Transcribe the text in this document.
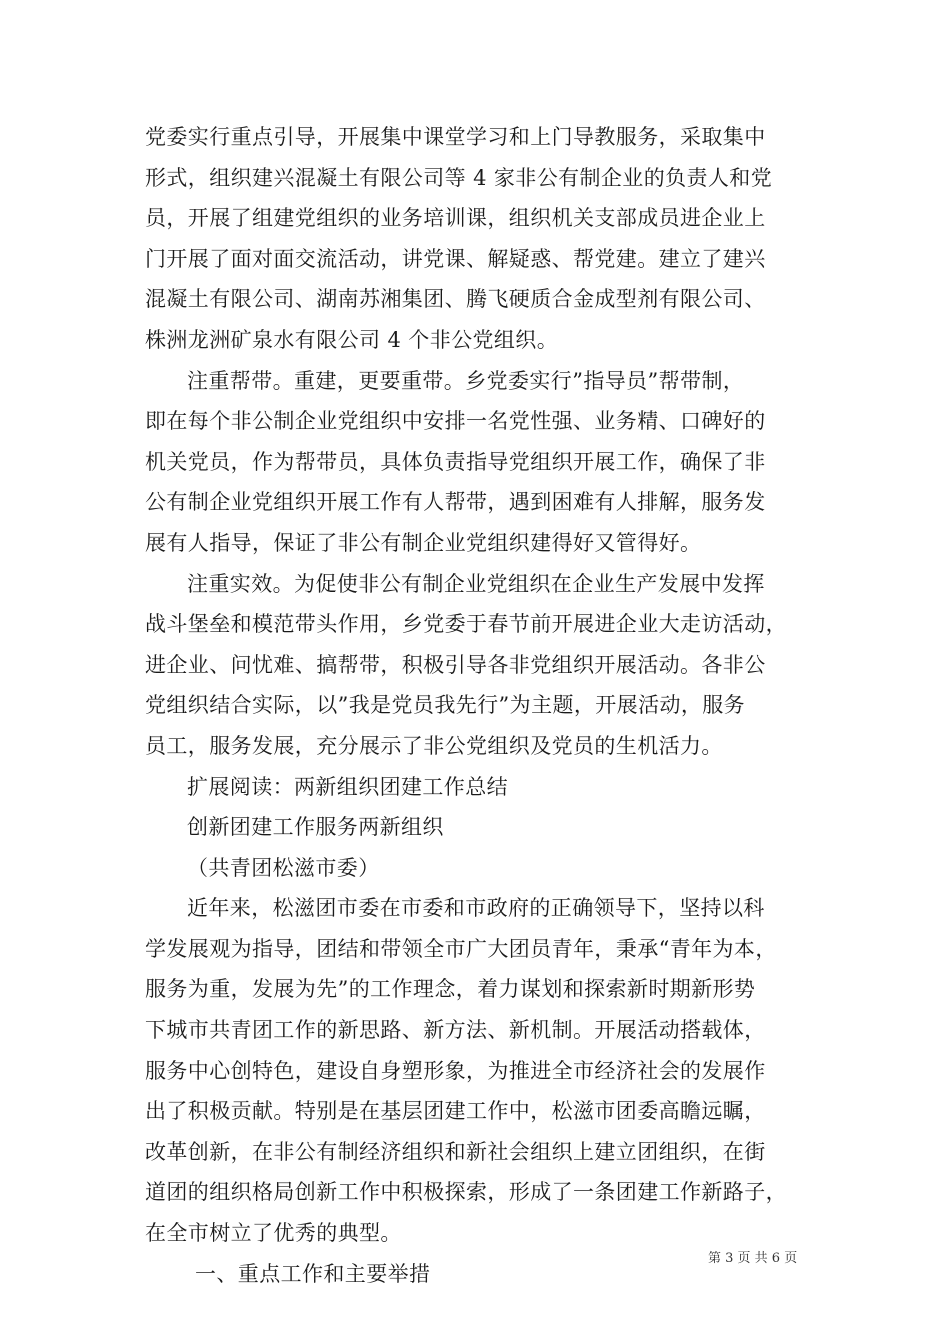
党委实行重点引导，开展集中课堂学习和上门导教服务，采取集中
形式，组织建兴混凝土有限公司等 4 家非公有制企业的负责人和党
员，开展了组建党组织的业务培训课，组织机关支部成员进企业上
门开展了面对面交流活动，讲党课、解疑惑、帮党建。建立了建兴
混凝土有限公司、湖南苏湘集团、腾飞硬质合金成型剂有限公司、
株洲龙洲矿泉水有限公司 4 个非公党组织。
注重帮带。重建，更要重带。乡党委实行”指导员”帮带制，
即在每个非公制企业党组织中安排一名党性强、业务精、口碑好的
机关党员，作为帮带员，具体负责指导党组织开展工作，确保了非
公有制企业党组织开展工作有人帮带，遇到困难有人排解，服务发
展有人指导，保证了非公有制企业党组织建得好又管得好。
注重实效。为促使非公有制企业党组织在企业生产发展中发挥
战斗堡垒和模范带头作用，乡党委于春节前开展进企业大走访活动，
进企业、问忧难、搞帮带，积极引导各非党组织开展活动。各非公
党组织结合实际，以”我是党员我先行”为主题，开展活动，服务
员工，服务发展，充分展示了非公党组织及党员的生机活力。
扩展阅读：两新组织团建工作总结
创新团建工作服务两新组织
（共青团松滋市委）
近年来，松滋团市委在市委和市政府的正确领导下，坚持以科
学发展观为指导，团结和带领全市广大团员青年，秉承“青年为本，
服务为重，发展为先”的工作理念，着力谋划和探索新时期新形势
下城市共青团工作的新思路、新方法、新机制。开展活动搭载体，
服务中心创特色，建设自身塑形象，为推进全市经济社会的发展作
出了积极贡献。特别是在基层团建工作中，松滋市团委高瞻远瞩，
改革创新，在非公有制经济组织和新社会组织上建立团组织，在街
道团的组织格局创新工作中积极探索，形成了一条团建工作新路子，
在全市树立了优秀的典型。
一、重点工作和主要举措
第 3 页 共 6 页
